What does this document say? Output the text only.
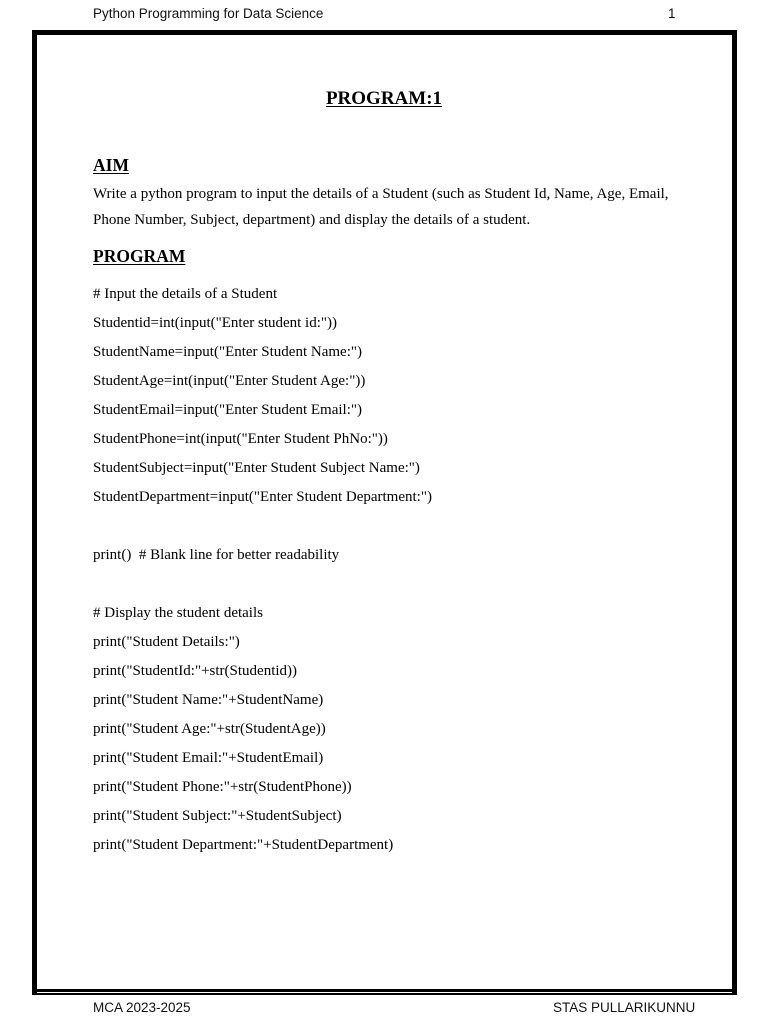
Python Programming for Data Science	1
PROGRAM:1
AIM
Write a python program to input the details of a Student (such as Student Id, Name, Age, Email,
Phone Number, Subject, department) and display the details of a student.
PROGRAM
# Input the details of a Student
Studentid=int(input("Enter student id:"))
StudentName=input("Enter Student Name:")
StudentAge=int(input("Enter Student Age:"))
StudentEmail=input("Enter Student Email:")
StudentPhone=int(input("Enter Student PhNo:"))
StudentSubject=input("Enter Student Subject Name:")
StudentDepartment=input("Enter Student Department:")
print()  # Blank line for better readability
# Display the student details
print("Student Details:")
print("StudentId:"+str(Studentid))
print("Student Name:"+StudentName)
print("Student Age:"+str(StudentAge))
print("Student Email:"+StudentEmail)
print("Student Phone:"+str(StudentPhone))
print("Student Subject:"+StudentSubject)
print("Student Department:"+StudentDepartment)
MCA 2023-2025	STAS PULLARIKUNNU
